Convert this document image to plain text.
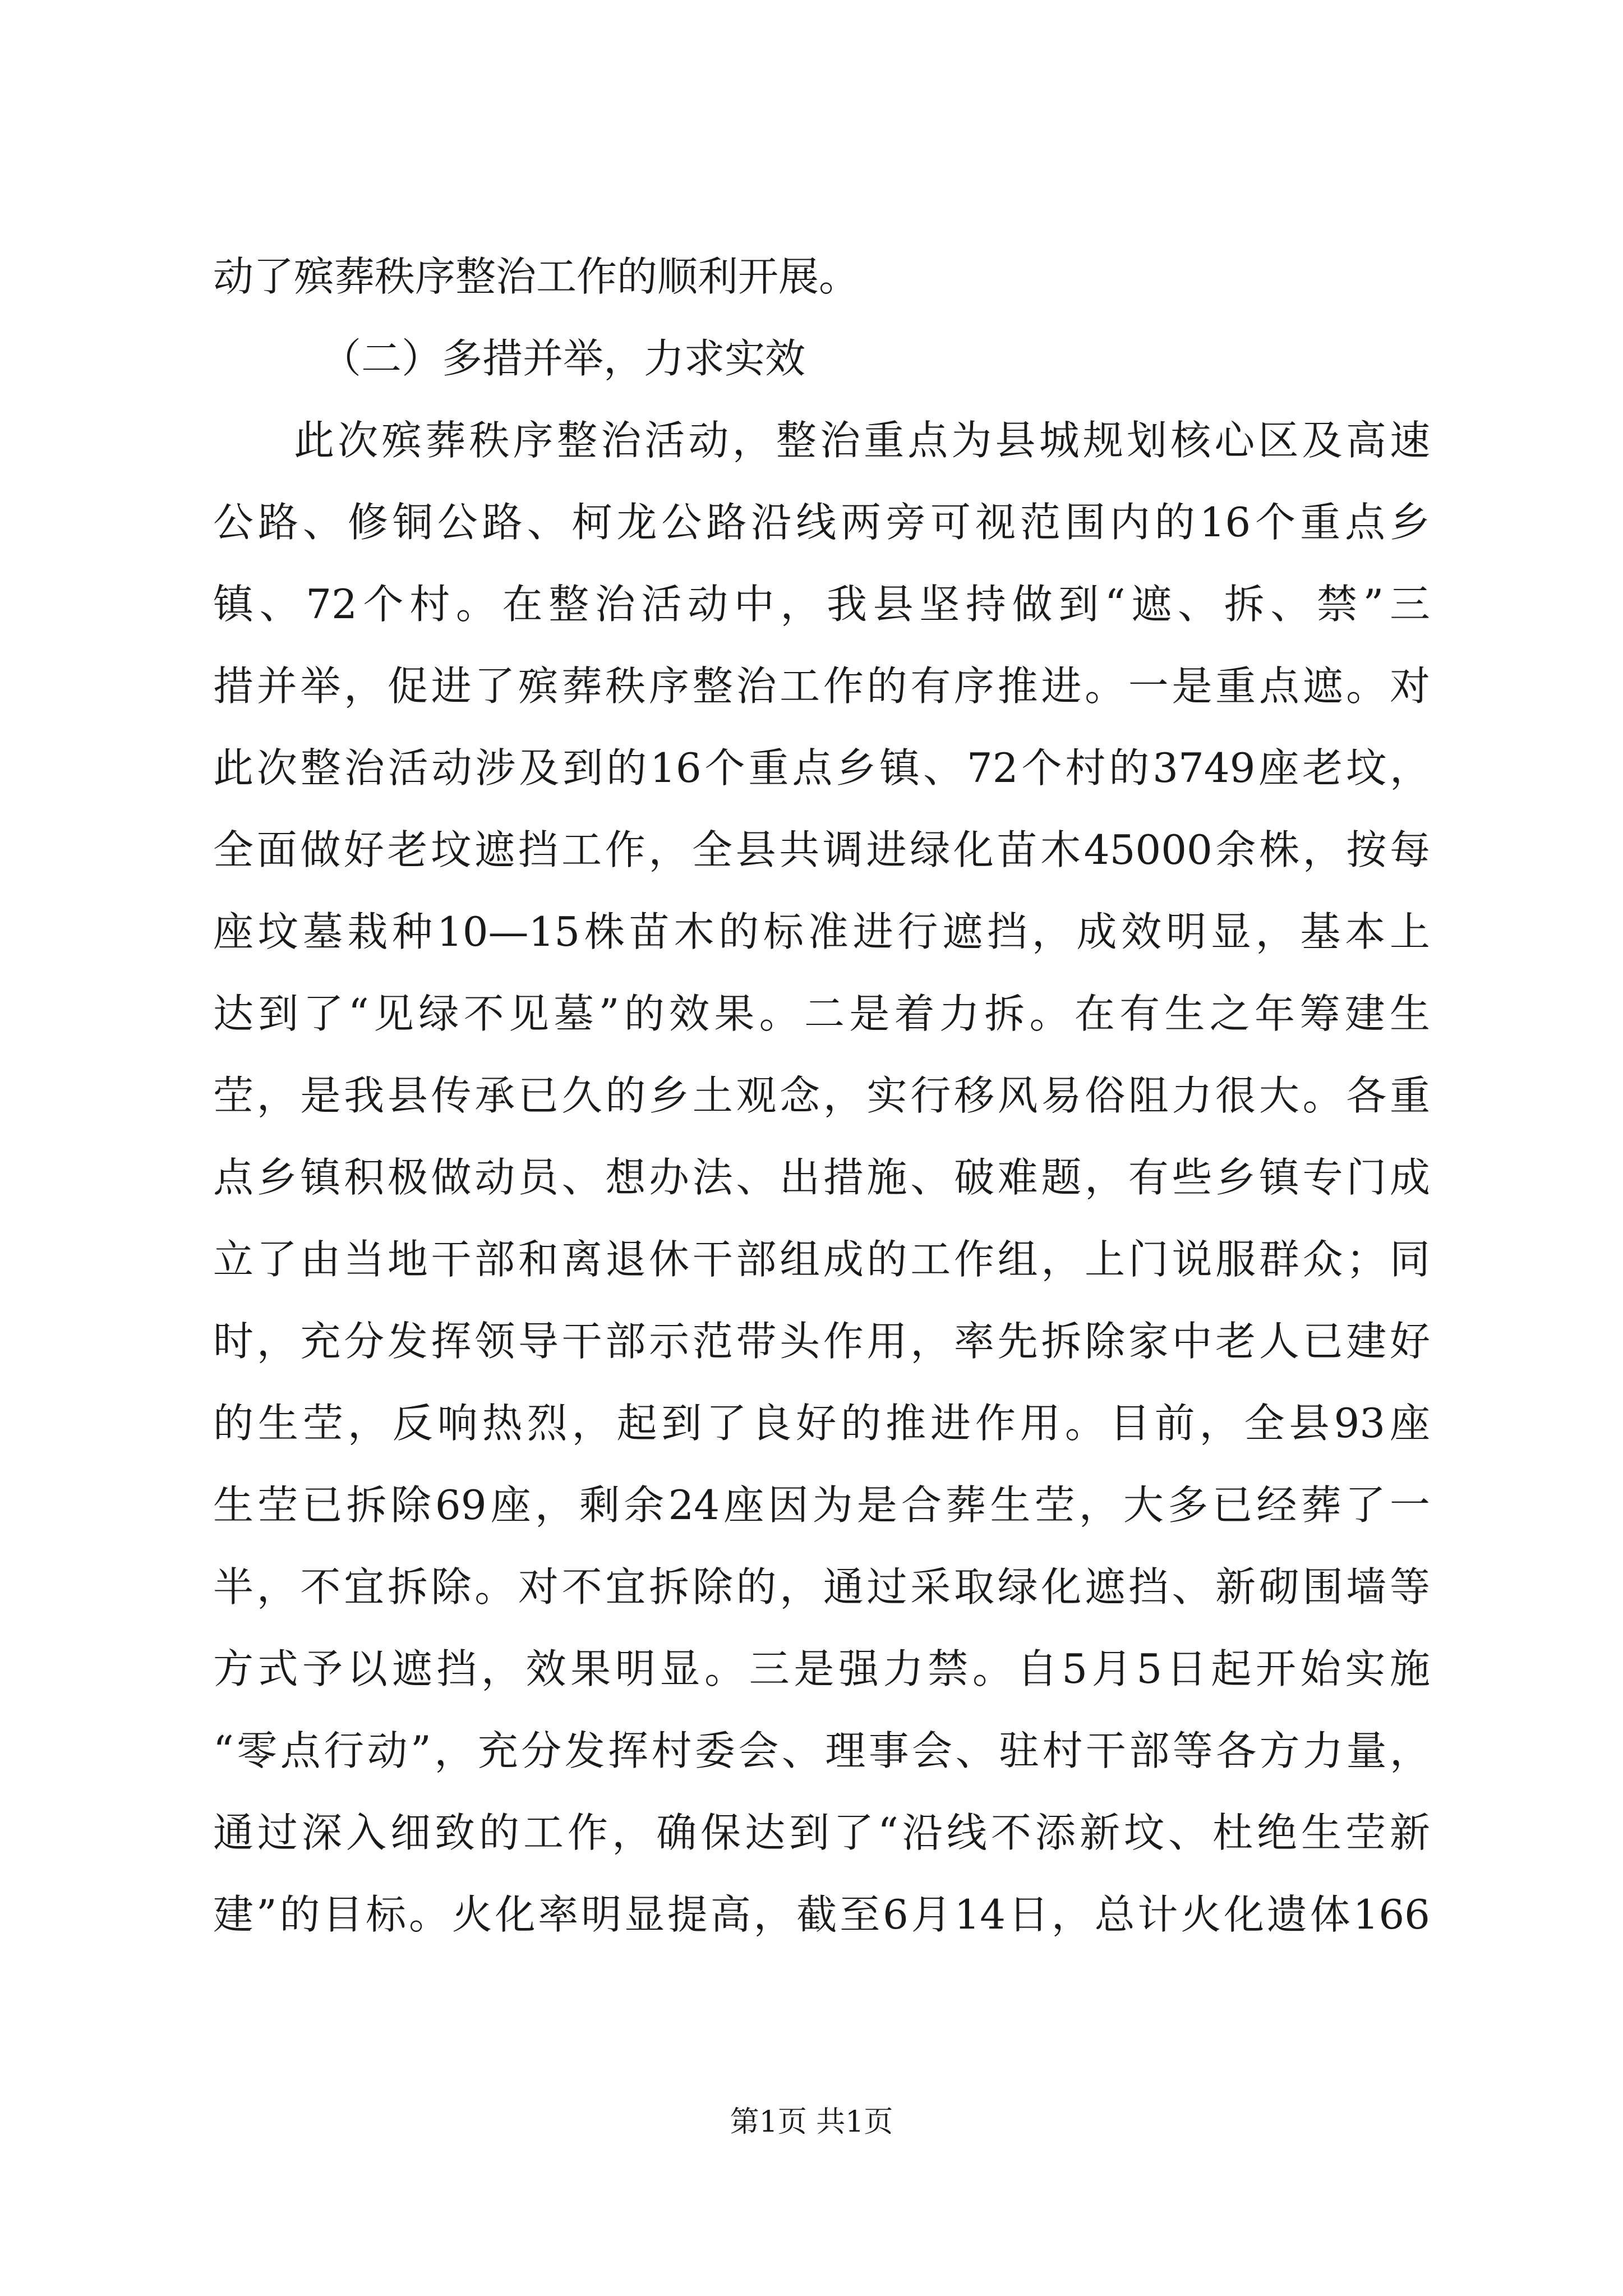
动了殡葬秩序整治工作的顺利开展。
（二）多措并举，力求实效
此次殡葬秩序整治活动，整治重点为县城规划核心区及高速
公路、修铜公路、柯龙公路沿线两旁可视范围内的16个重点乡
镇、72个村。在整治活动中，我县坚持做到“遮、拆、禁”三
措并举，促进了殡葬秩序整治工作的有序推进。一是重点遮。对
此次整治活动涉及到的16个重点乡镇、72个村的3749座老坟，
全面做好老坟遮挡工作，全县共调进绿化苗木45000余株，按每
座坟墓栽种10—15株苗木的标准进行遮挡，成效明显，基本上
达到了“见绿不见墓”的效果。二是着力拆。在有生之年筹建生
茔，是我县传承已久的乡土观念，实行移风易俗阻力很大。各重
点乡镇积极做动员、想办法、出措施、破难题，有些乡镇专门成
立了由当地干部和离退休干部组成的工作组，上门说服群众；同
时，充分发挥领导干部示范带头作用，率先拆除家中老人已建好
的生茔，反响热烈，起到了良好的推进作用。目前，全县93座
生茔已拆除69座，剩余24座因为是合葬生茔，大多已经葬了一
半，不宜拆除。对不宜拆除的，通过采取绿化遮挡、新砌围墙等
方式予以遮挡，效果明显。三是强力禁。自5月5日起开始实施
“零点行动”，充分发挥村委会、理事会、驻村干部等各方力量，
通过深入细致的工作，确保达到了“沿线不添新坟、杜绝生茔新
建”的目标。火化率明显提高，截至6月14日，总计火化遗体166
第1页 共1页
